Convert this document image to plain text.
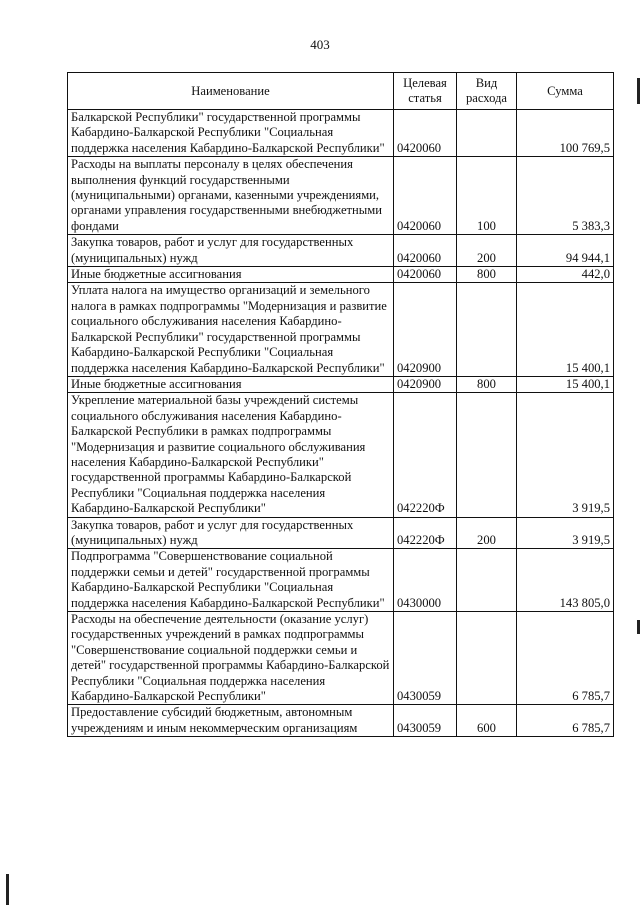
403
Наименование	Целевая статья	Вид расхода	Сумма
Балкарской Республики" государственной программы Кабардино-Балкарской Республики "Социальная поддержка населения Кабардино-Балкарской Республики"	0420060		100 769,5
Расходы на выплаты персоналу в целях обеспечения выполнения функций государственными (муниципальными) органами, казенными учреждениями, органами управления государственными внебюджетными фондами	0420060	100	5 383,3
Закупка товаров, работ и услуг для государственных (муниципальных) нужд	0420060	200	94 944,1
Иные бюджетные ассигнования	0420060	800	442,0
Уплата налога на имущество организаций и земельного налога в рамках подпрограммы "Модернизация и развитие социального обслуживания населения Кабардино-Балкарской Республики" государственной программы Кабардино-Балкарской Республики "Социальная поддержка населения Кабардино-Балкарской Республики"	0420900		15 400,1
Иные бюджетные ассигнования	0420900	800	15 400,1
Укрепление материальной базы учреждений системы социального обслуживания населения Кабардино-Балкарской Республики в рамках подпрограммы "Модернизация и развитие социального обслуживания населения Кабардино-Балкарской Республики" государственной программы Кабардино-Балкарской Республики "Социальная поддержка населения Кабардино-Балкарской Республики"	042220Ф		3 919,5
Закупка товаров, работ и услуг для государственных (муниципальных) нужд	042220Ф	200	3 919,5
Подпрограмма "Совершенствование социальной поддержки семьи и детей" государственной программы Кабардино-Балкарской Республики "Социальная поддержка населения Кабардино-Балкарской Республики"	0430000		143 805,0
Расходы на обеспечение деятельности (оказание услуг) государственных учреждений в рамках подпрограммы "Совершенствование социальной поддержки семьи и детей" государственной программы Кабардино-Балкарской Республики "Социальная поддержка населения Кабардино-Балкарской Республики"	0430059		6 785,7
Предоставление субсидий бюджетным, автономным учреждениям и иным некоммерческим организациям	0430059	600	6 785,7
